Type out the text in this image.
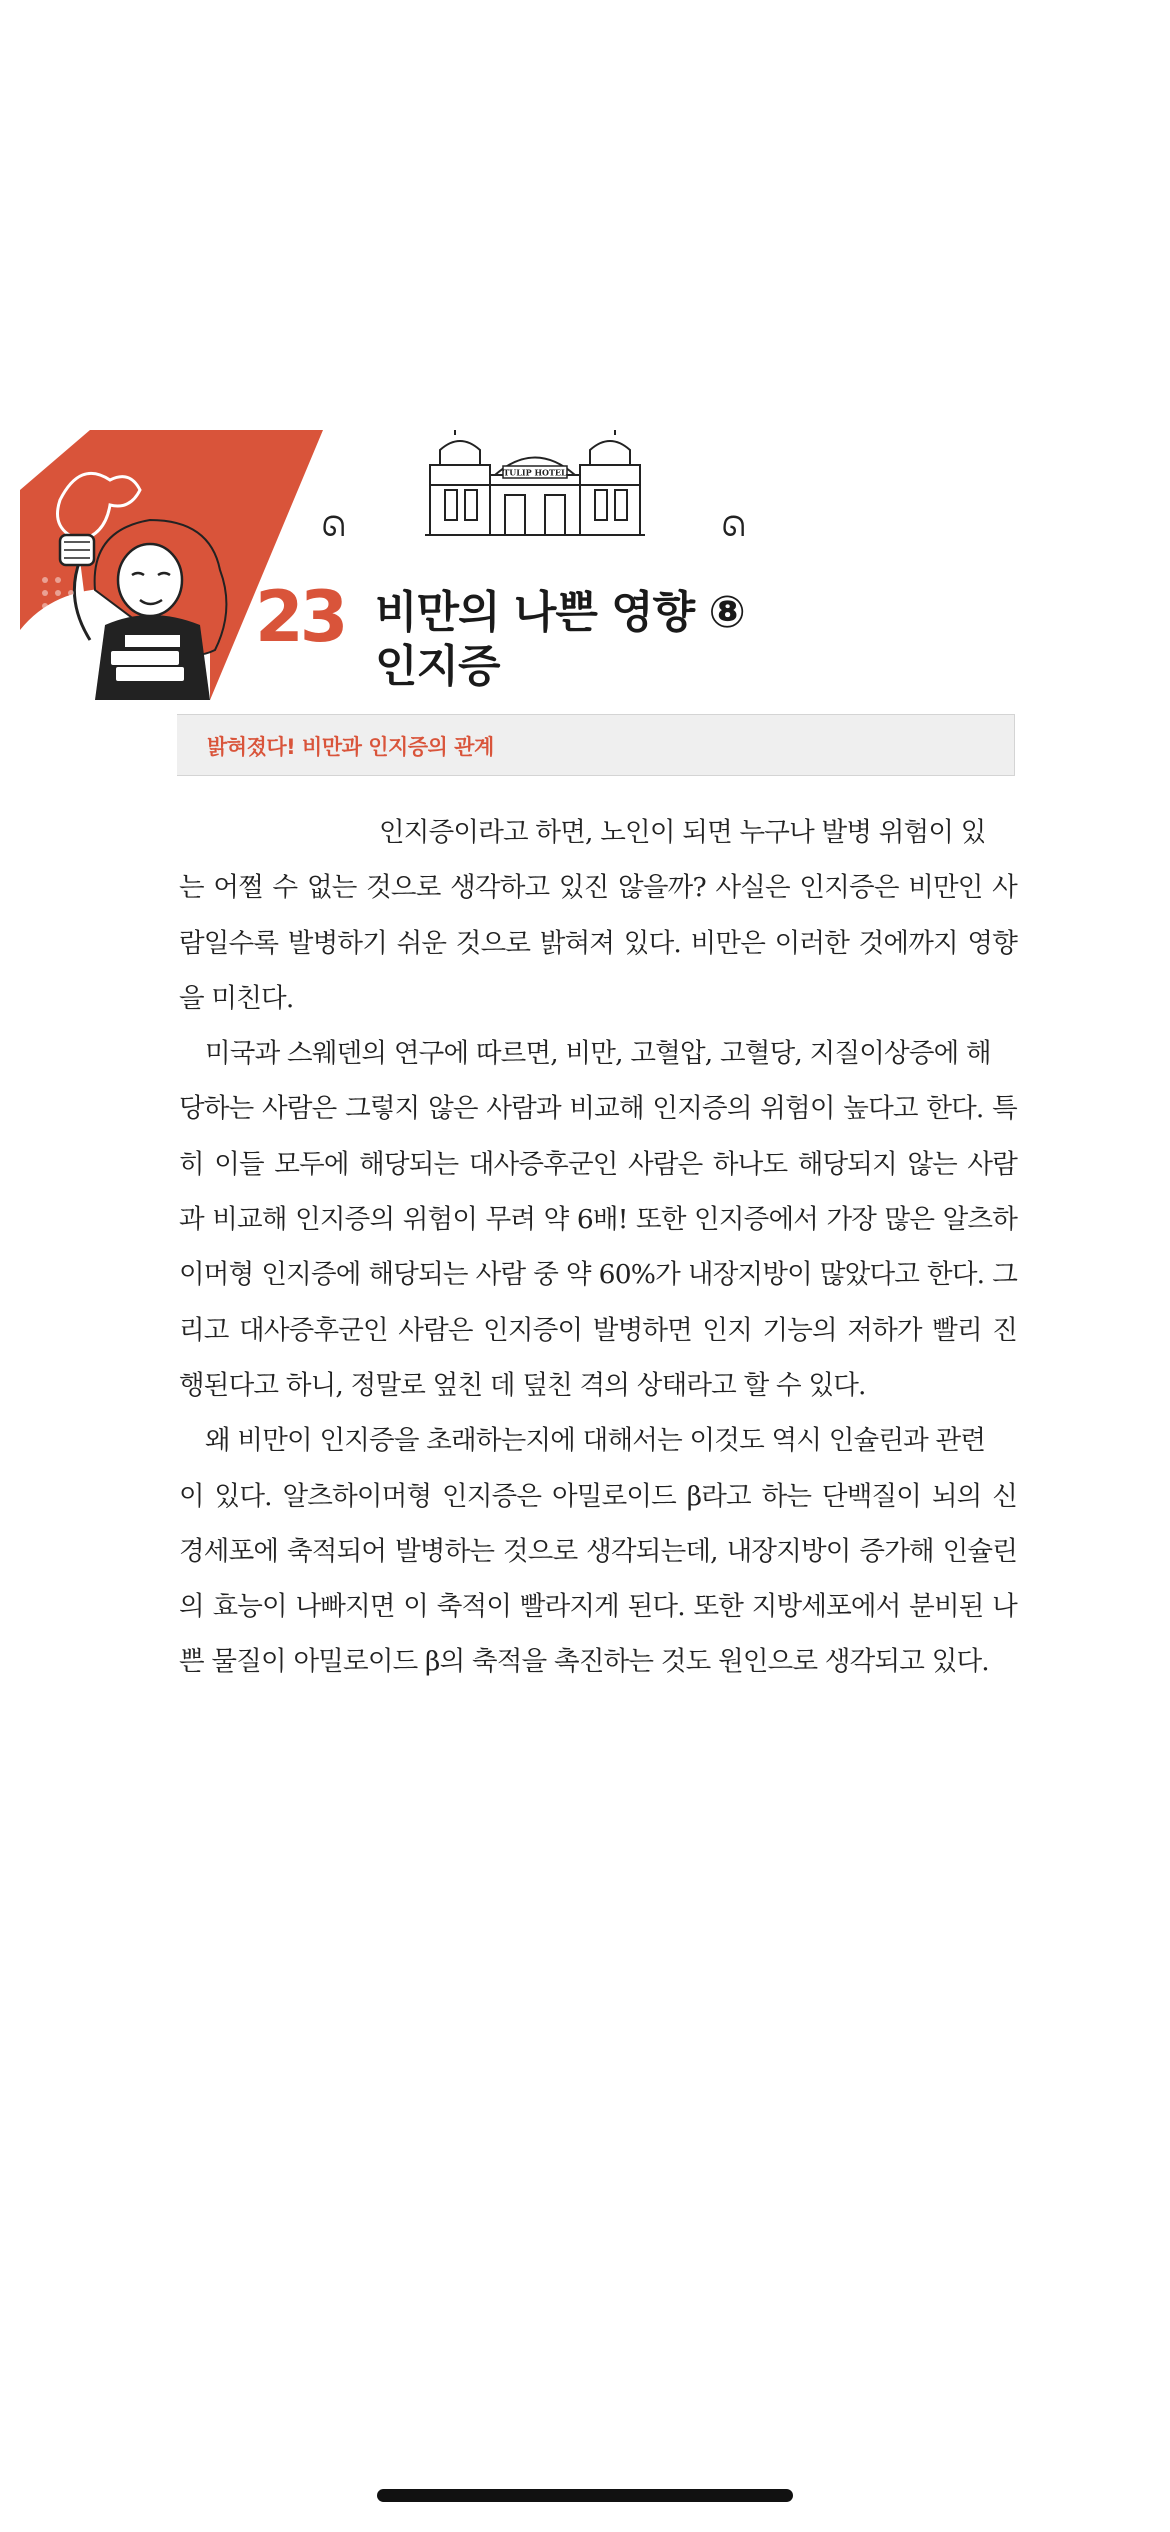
TULIP HOTEL
ᘏ	ᘏ
23 비만의 나쁜 영향 ⑧
인지증
밝혀졌다! 비만과 인지증의 관계
인지증이라고 하면, 노인이 되면 누구나 발병 위험이 있
는 어쩔 수 없는 것으로 생각하고 있진 않을까? 사실은 인지증은 비만인 사
람일수록 발병하기 쉬운 것으로 밝혀져 있다. 비만은 이러한 것에까지 영향
을 미친다.
미국과 스웨덴의 연구에 따르면, 비만, 고혈압, 고혈당, 지질이상증에 해
당하는 사람은 그렇지 않은 사람과 비교해 인지증의 위험이 높다고 한다. 특
히 이들 모두에 해당되는 대사증후군인 사람은 하나도 해당되지 않는 사람
과 비교해 인지증의 위험이 무려 약 6배! 또한 인지증에서 가장 많은 알츠하
이머형 인지증에 해당되는 사람 중 약 60%가 내장지방이 많았다고 한다. 그
리고 대사증후군인 사람은 인지증이 발병하면 인지 기능의 저하가 빨리 진
행된다고 하니, 정말로 엎친 데 덮친 격의 상태라고 할 수 있다.
왜 비만이 인지증을 초래하는지에 대해서는 이것도 역시 인슐린과 관련
이 있다. 알츠하이머형 인지증은 아밀로이드 β라고 하는 단백질이 뇌의 신
경세포에 축적되어 발병하는 것으로 생각되는데, 내장지방이 증가해 인슐린
의 효능이 나빠지면 이 축적이 빨라지게 된다. 또한 지방세포에서 분비된 나
쁜 물질이 아밀로이드 β의 축적을 촉진하는 것도 원인으로 생각되고 있다.
